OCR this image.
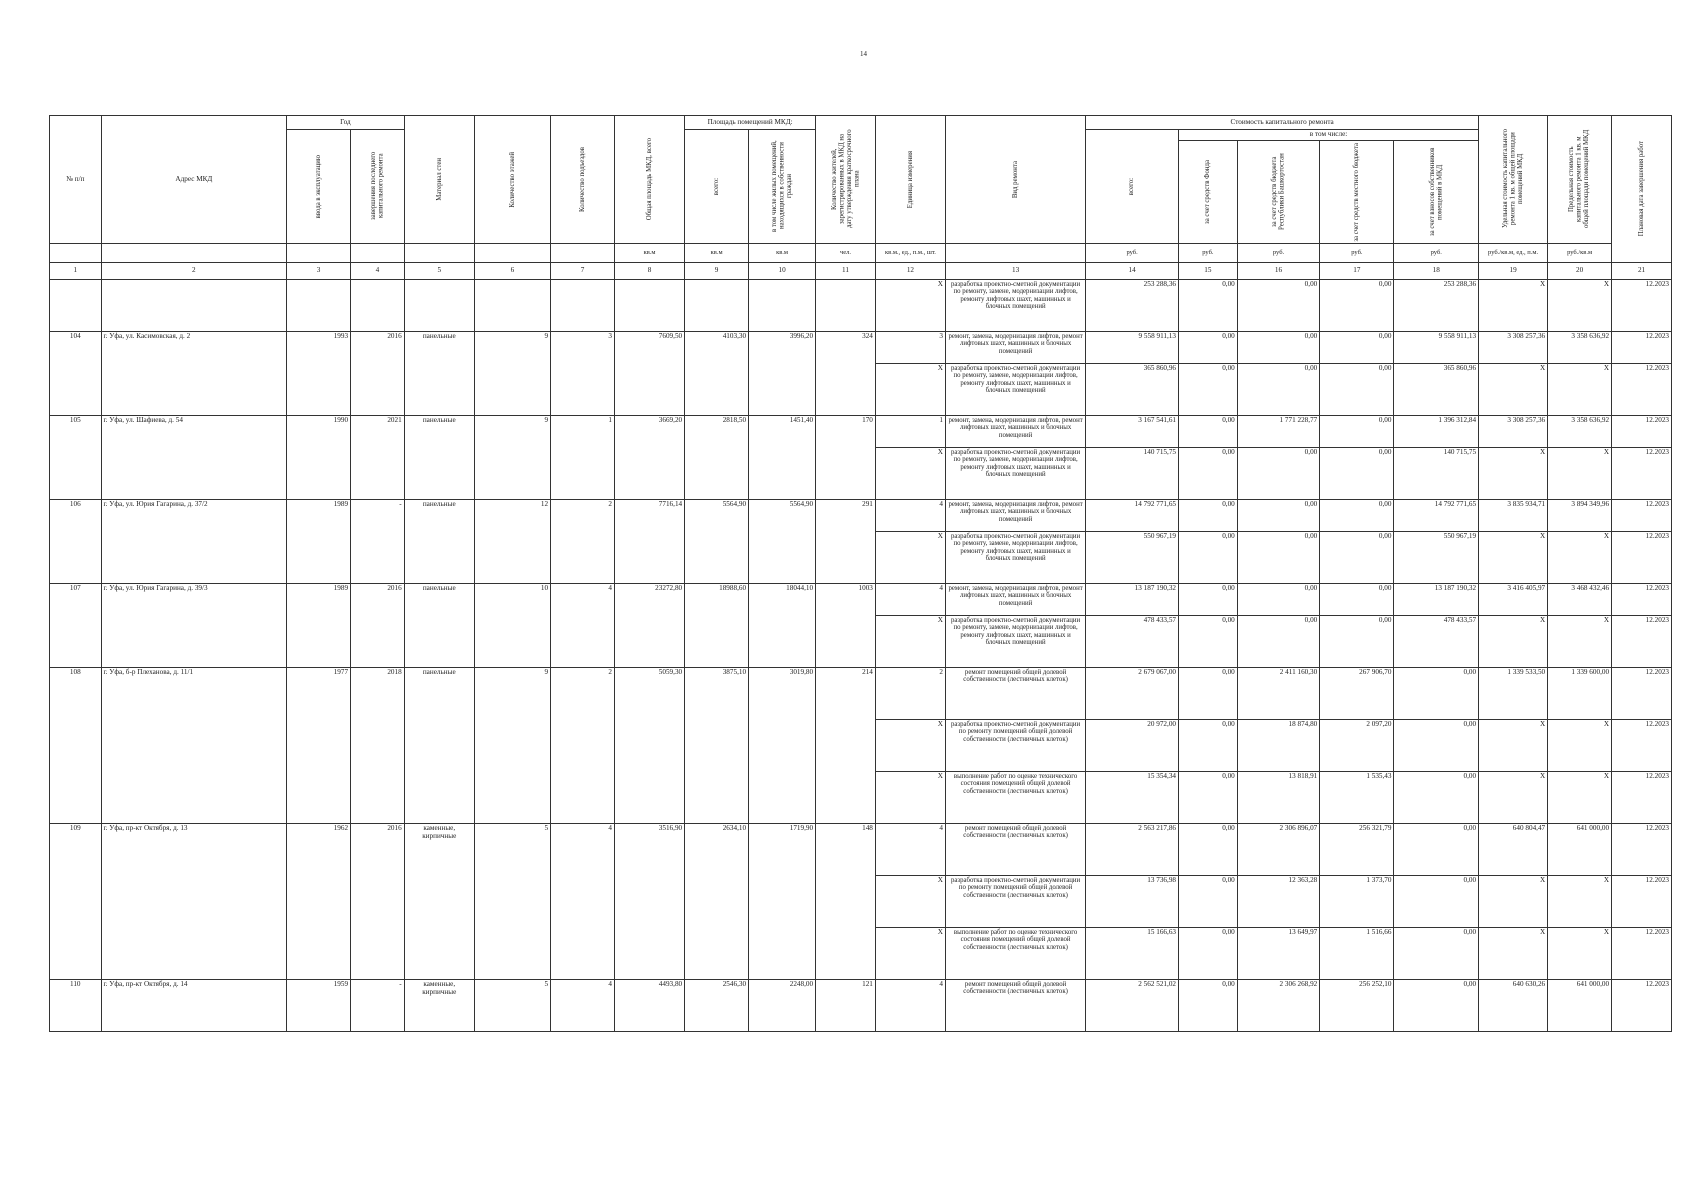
14
№ п/п	Адрес МКД	Год		Материал стен	Количество этажей	Количество подъездов	Общая площадь МКД, всего	Площадь помещений МКД:		Количество жителей, зарегистрированных в МКД на дату утверждения краткосрочного плана	Единица измерения	Вид ремонта	Стоимость капитального ремонта					Удельная стоимость капитального ремонта 1 кв. м общей площади помещений МКД	Предельная стоимость капитального ремонта 1 кв. м общей площади помещений МКД	Плановая дата завершения работ

		ввода в эксплуатацию	завершения последнего капитального ремонта					всего:	в том числе жилых помещений, находящихся в собственности граждан				всего:	в том числе:						

														за счет средств Фонда	за счет средств бюджета Республики Башкортостан	за счет средств местного бюджета	за счет взносов собственников помещений в МКД			

							кв.м	кв.м	кв.м	чел.	кв.м., ед., п.м., шт.		руб.	руб.	руб.	руб.	руб.	руб./кв.м, ед., п.м.	руб./кв.м	
1	2	3	4	5	6	7	8	9	10	11	12	13	14	15	16	17	18	19	20	21
											X	разработка проектно-сметной документации по ремонту, замене, модернизации лифтов, ремонту лифтовых шахт, машинных и блочных помещений	253 288,36	0,00	0,00	0,00	253 288,36	X	X	12.2023
104	г. Уфа, ул. Касимовская, д. 2	1993	2016	панельные	9	3	7609,50	4103,30	3996,20	324	3	ремонт, замена, модернизация лифтов, ремонт лифтовых шахт, машинных и блочных помещений	9 558 911,13	0,00	0,00	0,00	9 558 911,13	3 308 257,36	3 358 636,92	12.2023
											X	разработка проектно-сметной документации по ремонту, замене, модернизации лифтов, ремонту лифтовых шахт, машинных и блочных помещений	365 860,96	0,00	0,00	0,00	365 860,96	X	X	12.2023
105	г. Уфа, ул. Шафиева, д. 54	1990	2021	панельные	9	1	3669,20	2818,50	1451,40	170	1	ремонт, замена, модернизация лифтов, ремонт лифтовых шахт, машинных и блочных помещений	3 167 541,61	0,00	1 771 228,77	0,00	1 396 312,84	3 308 257,36	3 358 636,92	12.2023
											X	разработка проектно-сметной документации по ремонту, замене, модернизации лифтов, ремонту лифтовых шахт, машинных и блочных помещений	140 715,75	0,00	0,00	0,00	140 715,75	X	X	12.2023
106	г. Уфа, ул. Юрия Гагарина, д. 37/2	1989	-	панельные	12	2	7716,14	5564,90	5564,90	291	4	ремонт, замена, модернизация лифтов, ремонт лифтовых шахт, машинных и блочных помещений	14 792 771,65	0,00	0,00	0,00	14 792 771,65	3 835 934,71	3 894 349,96	12.2023
											X	разработка проектно-сметной документации по ремонту, замене, модернизации лифтов, ремонту лифтовых шахт, машинных и блочных помещений	550 967,19	0,00	0,00	0,00	550 967,19	X	X	12.2023
107	г. Уфа, ул. Юрия Гагарина, д. 39/3	1989	2016	панельные	10	4	23272,80	18988,60	18044,10	1003	4	ремонт, замена, модернизация лифтов, ремонт лифтовых шахт, машинных и блочных помещений	13 187 190,32	0,00	0,00	0,00	13 187 190,32	3 416 405,97	3 468 432,46	12.2023
											X	разработка проектно-сметной документации по ремонту, замене, модернизации лифтов, ремонту лифтовых шахт, машинных и блочных помещений	478 433,57	0,00	0,00	0,00	478 433,57	X	X	12.2023
108	г. Уфа, б-р Плеханова, д. 11/1	1977	2018	панельные	9	2	5059,30	3875,10	3019,80	214	2	ремонт помещений общей долевой собственности (лестничных клеток)	2 679 067,00	0,00	2 411 160,30	267 906,70	0,00	1 339 533,50	1 339 600,00	12.2023
											X	разработка проектно-сметной документации по ремонту помещений общей долевой собственности (лестничных клеток)	20 972,00	0,00	18 874,80	2 097,20	0,00	X	X	12.2023
											X	выполнение работ по оценке технического состояния помещений общей долевой собственности (лестничных клеток)	15 354,34	0,00	13 818,91	1 535,43	0,00	X	X	12.2023
109	г. Уфа, пр-кт Октября, д. 13	1962	2016	каменные, кирпичные	5	4	3516,90	2634,10	1719,90	148	4	ремонт помещений общей долевой собственности (лестничных клеток)	2 563 217,86	0,00	2 306 896,07	256 321,79	0,00	640 804,47	641 000,00	12.2023
											X	разработка проектно-сметной документации по ремонту помещений общей долевой собственности (лестничных клеток)	13 736,98	0,00	12 363,28	1 373,70	0,00	X	X	12.2023
											X	выполнение работ по оценке технического состояния помещений общей долевой собственности (лестничных клеток)	15 166,63	0,00	13 649,97	1 516,66	0,00	X	X	12.2023
110	г. Уфа, пр-кт Октября, д. 14	1959	-	каменные, кирпичные	5	4	4493,80	2546,30	2248,00	121	4	ремонт помещений общей долевой собственности (лестничных клеток)	2 562 521,02	0,00	2 306 268,92	256 252,10	0,00	640 630,26	641 000,00	12.2023
